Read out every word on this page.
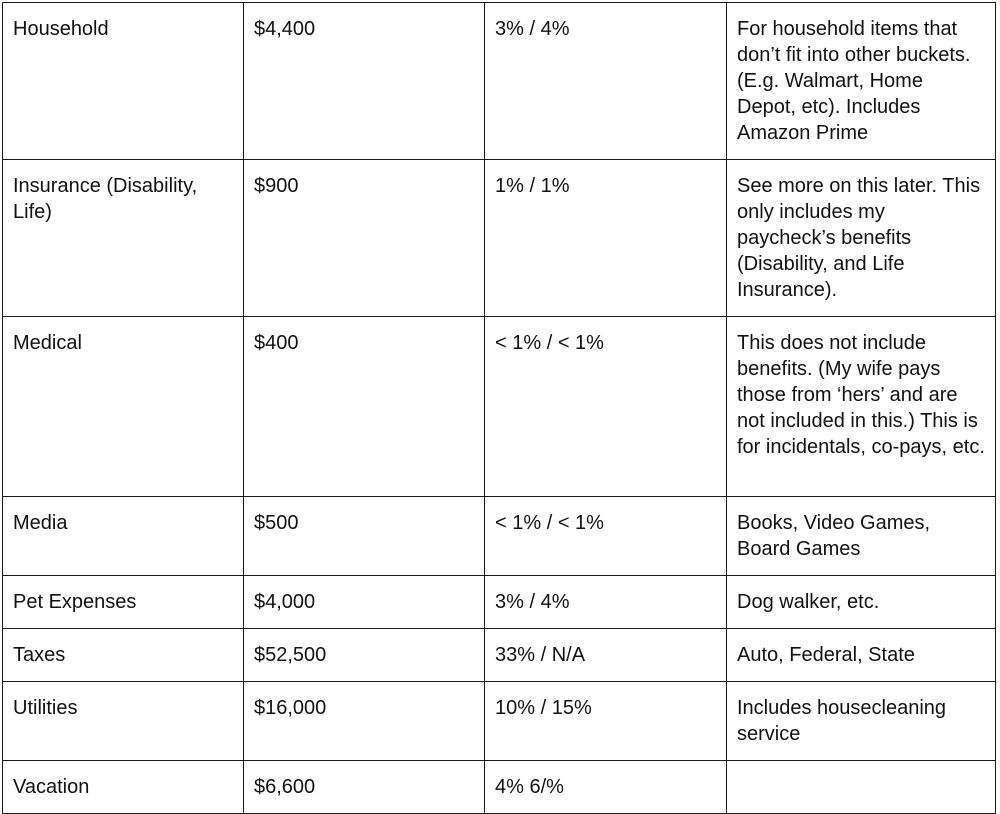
Household	$4,400	3% / 4%	For household items that don’t fit into other buckets. (E.g. Walmart, Home Depot, etc). Includes Amazon Prime
Insurance (Disability, Life)	$900	1% / 1%	See more on this later. This only includes my paycheck’s benefits (Disability, and Life Insurance).
Medical	$400	< 1% / < 1%	This does not include benefits. (My wife pays those from ‘hers’ and are not included in this.) This is for incidentals, co-pays, etc.
Media	$500	< 1% / < 1%	Books, Video Games, Board Games
Pet Expenses	$4,000	3% / 4%	Dog walker, etc.
Taxes	$52,500	33% / N/A	Auto, Federal, State
Utilities	$16,000	10% / 15%	Includes housecleaning service
Vacation	$6,600	4% 6/%	
